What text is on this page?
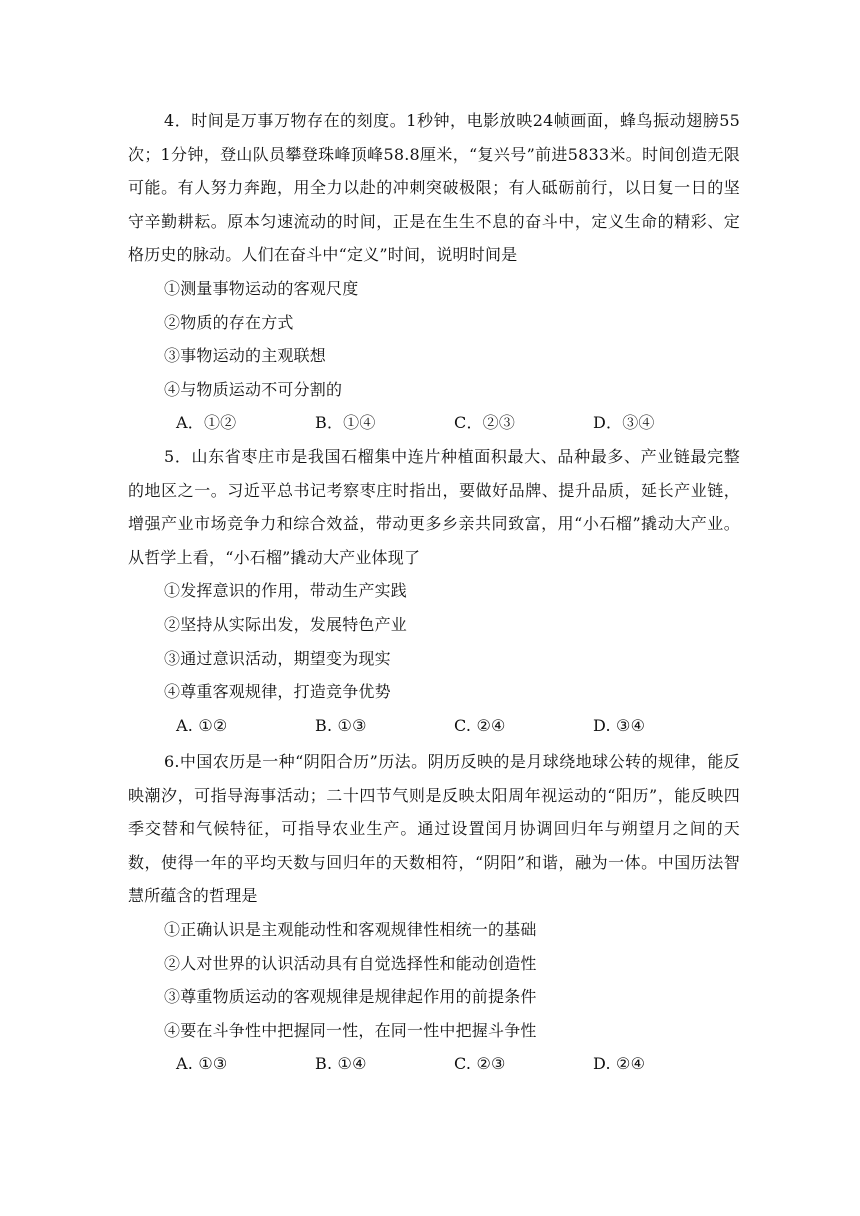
4．时间是万事万物存在的刻度。1秒钟，电影放映24帧画面，蜂鸟振动翅膀55次；1分钟，登山队员攀登珠峰顶峰58.8厘米，“复兴号”前进5833米。时间创造无限可能。有人努力奔跑，用全力以赴的冲刺突破极限；有人砥砺前行，以日复一日的坚守辛勤耕耘。原本匀速流动的时间，正是在生生不息的奋斗中，定义生命的精彩、定格历史的脉动。人们在奋斗中“定义”时间，说明时间是

①测量事物运动的客观尺度

②物质的存在方式

③事物运动的主观联想

④与物质运动不可分割的

A．①②	B．①④	C．②③	D．③④

5．山东省枣庄市是我国石榴集中连片种植面积最大、品种最多、产业链最完整的地区之一。习近平总书记考察枣庄时指出，要做好品牌、提升品质，延长产业链，增强产业市场竞争力和综合效益，带动更多乡亲共同致富，用“小石榴”撬动大产业。从哲学上看，“小石榴”撬动大产业体现了

①发挥意识的作用，带动生产实践

②坚持从实际出发，发展特色产业

③通过意识活动，期望变为现实

④尊重客观规律，打造竞争优势

A. ①②	B. ①③	C. ②④	D. ③④

6.中国农历是一种“阴阳合历”历法。阴历反映的是月球绕地球公转的规律，能反映潮汐，可指导海事活动；二十四节气则是反映太阳周年视运动的“阳历”，能反映四季交替和气候特征，可指导农业生产。通过设置闰月协调回归年与朔望月之间的天数，使得一年的平均天数与回归年的天数相符，“阴阳”和谐，融为一体。中国历法智慧所蕴含的哲理是

①正确认识是主观能动性和客观规律性相统一的基础

②人对世界的认识活动具有自觉选择性和能动创造性

③尊重物质运动的客观规律是规律起作用的前提条件

④要在斗争性中把握同一性，在同一性中把握斗争性

A. ①③	B. ①④	C. ②③	D. ②④
